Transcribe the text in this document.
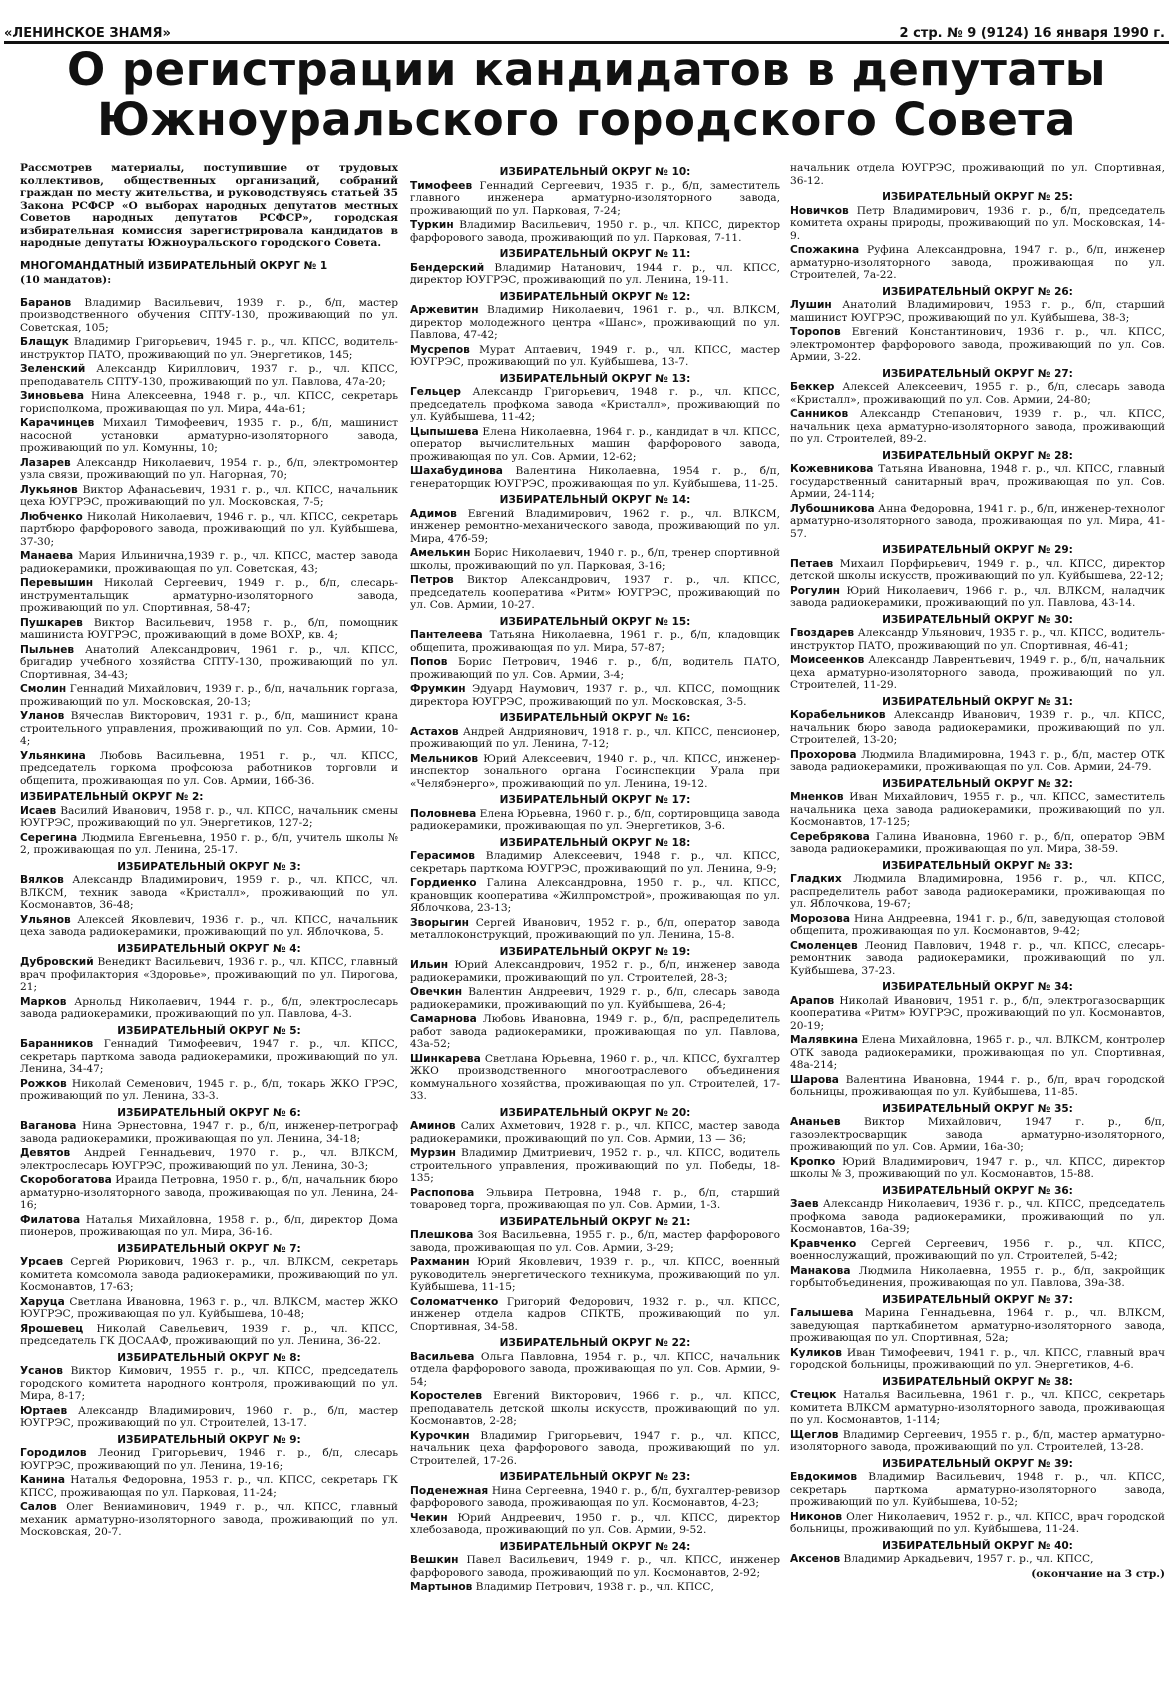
«ЛЕНИНСКОЕ ЗНАМЯ»	2 стр. № 9 (9124) 16 января 1990 г.
О регистрации кандидатов в депутаты
Южноуральского городского Совета

Рассмотрев материалы, поступившие от трудовых коллективов, общественных организаций, собраний граждан по месту жительства, и руководствуясь статьей 35 Закона РСФСР «О выборах народных депутатов местных Советов народных депутатов РСФСР», городская избирательная комиссия зарегистрировала кандидатов в народные депутаты Южноуральского городского Совета.

МНОГОМАНДАТНЫЙ ИЗБИРАТЕЛЬНЫЙ ОКРУГ № 1
(10 мандатов):

Баранов Владимир Васильевич, 1939 г. р., б/п, мастер производственного обучения СПТУ-130, проживающий по ул. Советская, 105;

Блащук Владимир Григорьевич, 1945 г. р., чл. КПСС, водитель-инструктор ПАТО, проживающий по ул. Энергетиков, 145;

Зеленский Александр Кириллович, 1937 г. р., чл. КПСС, преподаватель СПТУ-130, проживающий по ул. Павлова, 47а-20;

Зиновьева Нина Алексеевна, 1948 г. р., чл. КПСС, секретарь горисполкома, проживающая по ул. Мира, 44а-61;

Карачинцев Михаил Тимофеевич, 1935 г. р., б/п, машинист насосной установки арматурно-изоляторного завода, проживающий по ул. Комунны, 10;

Лазарев Александр Николаевич, 1954 г. р., б/п, электромонтер узла связи, проживающий по ул. Нагорная, 70;

Лукьянов Виктор Афанасьевич, 1931 г. р., чл. КПСС, начальник цеха ЮУГРЭС, проживающий по ул. Московская, 7-5;

Любченко Николай Николаевич, 1946 г. р., чл. КПСС, секретарь партбюро фарфорового завода, проживающий по ул. Куйбышева, 37-30;

Манаева Мария Ильинична,1939 г. р., чл. КПСС, мастер завода радиокерамики, проживающая по ул. Советская, 43;

Перевышин Николай Сергеевич, 1949 г. р., б/п, слесарь-инструментальщик арматурно-изоляторного завода, проживающий по ул. Спортивная, 58-47;

Пушкарев Виктор Васильевич, 1958 г. р., б/п, помощник машиниста ЮУГРЭС, проживающий в доме ВОХР, кв. 4;

Пыльнев Анатолий Александрович, 1961 г. р., чл. КПСС, бригадир учебного хозяйства СПТУ-130, проживающий по ул. Спортивная, 34-43;

Смолин Геннадий Михайлович, 1939 г. р., б/п, начальник горгаза, проживающий по ул. Московская, 20-13;

Уланов Вячеслав Викторович, 1931 г. р., б/п, машинист крана строительного управления, проживающий по ул. Сов. Армии, 10-4;

Ульянкина Любовь Васильевна, 1951 г. р., чл. КПСС, председатель горкома профсоюза работников торговли и общепита, проживающая по ул. Сов. Армии, 16б-36.

ИЗБИРАТЕЛЬНЫЙ ОКРУГ № 2:

Исаев Василий Иванович, 1958 г. р., чл. КПСС, начальник смены ЮУГРЭС, проживающий по ул. Энергетиков, 127-2;

Серегина Людмила Евгеньевна, 1950 г. р., б/п, учитель школы № 2, проживающая по ул. Ленина, 25-17.

ИЗБИРАТЕЛЬНЫЙ ОКРУГ № 3:

Вялков Александр Владимирович, 1959 г. р., чл. КПСС, чл. ВЛКСМ, техник завода «Кристалл», проживающий по ул. Космонавтов, 36-48;

Ульянов Алексей Яковлевич, 1936 г. р., чл. КПСС, начальник цеха завода радиокерамики, проживающий по ул. Яблочкова, 5.

ИЗБИРАТЕЛЬНЫЙ ОКРУГ № 4:

Дубровский Венедикт Васильевич, 1936 г. р., чл. КПСС, главный врач профилактория «Здоровье», проживающий по ул. Пирогова, 21;

Марков Арнольд Николаевич, 1944 г. р., б/п, электрослесарь завода радиокерамики, проживающий по ул. Павлова, 4-3.

ИЗБИРАТЕЛЬНЫЙ ОКРУГ № 5:

Баранников Геннадий Тимофеевич, 1947 г. р., чл. КПСС, секретарь парткома завода радиокерамики, проживающий по ул. Ленина, 34-47;

Рожков Николай Семенович, 1945 г. р., б/п, токарь ЖКО ГРЭС, проживающий по ул. Ленина, 33-3.

ИЗБИРАТЕЛЬНЫЙ ОКРУГ № 6:

Ваганова Нина Эрнестовна, 1947 г. р., б/п, инженер-петрограф завода радиокерамики, проживающая по ул. Ленина, 34-18;

Девятов Андрей Геннадьевич, 1970 г. р., чл. ВЛКСМ, электрослесарь ЮУГРЭС, проживающий по ул. Ленина, 30-3;

Скоробогатова Ираида Петровна, 1950 г. р., б/п, начальник бюро арматурно-изоляторного завода, проживающая по ул. Ленина, 24-16;

Филатова Наталья Михайловна, 1958 г. р., б/п, директор Дома пионеров, проживающая по ул. Мира, 36-16.

ИЗБИРАТЕЛЬНЫЙ ОКРУГ № 7:

Урсаев Сергей Рюрикович, 1963 г. р., чл. ВЛКСМ, секретарь комитета комсомола завода радиокерамики, проживающий по ул. Космонавтов, 17-63;

Харуца Светлана Ивановна, 1963 г. р., чл. ВЛКСМ, мастер ЖКО ЮУГРЭС, проживающая по ул. Куйбышева, 10-48;

Ярошевец Николай Савельевич, 1939 г. р., чл. КПСС, председатель ГК ДОСААФ, проживающий по ул. Ленина, 36-22.

ИЗБИРАТЕЛЬНЫЙ ОКРУГ № 8:

Усанов Виктор Кимович, 1955 г. р., чл. КПСС, председатель городского комитета народного контроля, проживающий по ул. Мира, 8-17;

Юртаев Александр Владимирович, 1960 г. р., б/п, мастер ЮУГРЭС, проживающий по ул. Строителей, 13-17.

ИЗБИРАТЕЛЬНЫЙ ОКРУГ № 9:

Городилов Леонид Григорьевич, 1946 г. р., б/п, слесарь ЮУГРЭС, проживающий по ул. Ленина, 19-16;

Канина Наталья Федоровна, 1953 г. р., чл. КПСС, секретарь ГК КПСС, проживающая по ул. Парковая, 11-24;

Салов Олег Вениаминович, 1949 г. р., чл. КПСС, главный механик арматурно-изоляторного завода, проживающий по ул. Московская, 20-7.

ИЗБИРАТЕЛЬНЫЙ ОКРУГ № 10:

Тимофеев Геннадий Сергеевич, 1935 г. р., б/п, заместитель главного инженера арматурно-изоляторного завода, проживающий по ул. Парковая, 7-24;

Туркин Владимир Васильевич, 1950 г. р., чл. КПСС, директор фарфорового завода, проживающий по ул. Парковая, 7-11.

ИЗБИРАТЕЛЬНЫЙ ОКРУГ № 11:

Бендерский Владимир Натанович, 1944 г. р., чл. КПСС, директор ЮУГРЭС, проживающий по ул. Ленина, 19-11.

ИЗБИРАТЕЛЬНЫЙ ОКРУГ № 12:

Аржевитин Владимир Николаевич, 1961 г. р., чл. ВЛКСМ, директор молодежного центра «Шанс», проживающий по ул. Павлова, 47-42;

Мусрепов Мурат Аптаевич, 1949 г. р., чл. КПСС, мастер ЮУГРЭС, проживающий по ул. Куйбышева, 13-7.

ИЗБИРАТЕЛЬНЫЙ ОКРУГ № 13:

Гельцер Александр Григорьевич, 1948 г. р., чл. КПСС, председатель профкома завода «Кристалл», проживающий по ул. Куйбышева, 11-42;

Цыпышева Елена Николаевна, 1964 г. р., кандидат в чл. КПСС, оператор вычислительных машин фарфорового завода, проживающая по ул. Сов. Армии, 12-62;

Шахабудинова Валентина Николаевна, 1954 г. р., б/п, генераторщик ЮУГРЭС, проживающая по ул. Куйбышева, 11-25.

ИЗБИРАТЕЛЬНЫЙ ОКРУГ № 14:

Адимов Евгений Владимирович, 1962 г. р., чл. ВЛКСМ, инженер ремонтно-механического завода, проживающий по ул. Мира, 47б-59;

Амелькин Борис Николаевич, 1940 г. р., б/п, тренер спортивной школы, проживающий по ул. Парковая, 3-16;

Петров Виктор Александрович, 1937 г. р., чл. КПСС, председатель кооператива «Ритм» ЮУГРЭС, проживающий по ул. Сов. Армии, 10-27.

ИЗБИРАТЕЛЬНЫЙ ОКРУГ № 15:

Пантелеева Татьяна Николаевна, 1961 г. р., б/п, кладовщик общепита, проживающая по ул. Мира, 57-87;

Попов Борис Петрович, 1946 г. р., б/п, водитель ПАТО, проживающий по ул. Сов. Армии, 3-4;

Фрумкин Эдуард Наумович, 1937 г. р., чл. КПСС, помощник директора ЮУГРЭС, проживающий по ул. Московская, 3-5.

ИЗБИРАТЕЛЬНЫЙ ОКРУГ № 16:

Астахов Андрей Андриянович, 1918 г. р., чл. КПСС, пенсионер, проживающий по ул. Ленина, 7-12;

Мельников Юрий Алексеевич, 1940 г. р., чл. КПСС, инженер-инспектор зонального органа Госинспекции Урала при «Челябэнерго», проживающий по ул. Ленина, 19-12.

ИЗБИРАТЕЛЬНЫЙ ОКРУГ № 17:

Половнева Елена Юрьевна, 1960 г. р., б/п, сортировщица завода радиокерамики, проживающая по ул. Энергетиков, 3-6.

ИЗБИРАТЕЛЬНЫЙ ОКРУГ № 18:

Герасимов Владимир Алексеевич, 1948 г. р., чл. КПСС, секретарь парткома ЮУГРЭС, проживающий по ул. Ленина, 9-9;

Гордиенко Галина Александровна, 1950 г. р., чл. КПСС, крановщик кооператива «Жилпромстрой», проживающая по ул. Яблочкова, 23-13;

Зворыгин Сергей Иванович, 1952 г. р., б/п, оператор завода металлоконструкций, проживающий по ул. Ленина, 15-8.

ИЗБИРАТЕЛЬНЫЙ ОКРУГ № 19:

Ильин Юрий Александрович, 1952 г. р., б/п, инженер завода радиокерамики, проживающий по ул. Строителей, 28-3;

Овечкин Валентин Андреевич, 1929 г. р., б/п, слесарь завода радиокерамики, проживающий по ул. Куйбышева, 26-4;

Самарнова Любовь Ивановна, 1949 г. р., б/п, распределитель работ завода радиокерамики, проживающая по ул. Павлова, 43а-52;

Шинкарева Светлана Юрьевна, 1960 г. р., чл. КПСС, бухгалтер ЖКО производственного многоотраслевого объединения коммунального хозяйства, проживающая по ул. Строителей, 17-33.

ИЗБИРАТЕЛЬНЫЙ ОКРУГ № 20:

Аминов Салих Ахметович, 1928 г. р., чл. КПСС, мастер завода радиокерамики, проживающий по ул. Сов. Армии, 13 — 36;

Мурзин Владимир Дмитриевич, 1952 г. р., чл. КПСС, водитель строительного управления, проживающий по ул. Победы, 18-135;

Распопова Эльвира Петровна, 1948 г. р., б/п, старший товаровед торга, проживающая по ул. Сов. Армии, 1-3.

ИЗБИРАТЕЛЬНЫЙ ОКРУГ № 21:

Плешкова Зоя Васильевна, 1955 г. р., б/п, мастер фарфорового завода, проживающая по ул. Сов. Армии, 3-29;

Рахманин Юрий Яковлевич, 1939 г. р., чл. КПСС, военный руководитель энергетического техникума, проживающий по ул. Куйбышева, 11-15;

Соломатченко Григорий Федорович, 1932 г. р., чл. КПСС, инженер отдела кадров СПКТБ, проживающий по ул. Спортивная, 34-58.

ИЗБИРАТЕЛЬНЫЙ ОКРУГ № 22:

Васильева Ольга Павловна, 1954 г. р., чл. КПСС, начальник отдела фарфорового завода, проживающая по ул. Сов. Армии, 9-54;

Коростелев Евгений Викторович, 1966 г. р., чл. КПСС, преподаватель детской школы искусств, проживающий по ул. Космонавтов, 2-28;

Курочкин Владимир Григорьевич, 1947 г. р., чл. КПСС, начальник цеха фарфорового завода, проживающий по ул. Строителей, 17-26.

ИЗБИРАТЕЛЬНЫЙ ОКРУГ № 23:

Поденежная Нина Сергеевна, 1940 г. р., б/п, бухгалтер-ревизор фарфорового завода, проживающая по ул. Космонавтов, 4-23;

Чекин Юрий Андреевич, 1950 г. р., чл. КПСС, директор хлебозавода, проживающий по ул. Сов. Армии, 9-52.

ИЗБИРАТЕЛЬНЫЙ ОКРУГ № 24:

Вешкин Павел Васильевич, 1949 г. р., чл. КПСС, инженер фарфорового завода, проживающий по ул. Космонавтов, 2-92;

Мартынов Владимир Петрович, 1938 г. р., чл. КПСС,

начальник отдела ЮУГРЭС, проживающий по ул. Спортивная, 36-12.

ИЗБИРАТЕЛЬНЫЙ ОКРУГ № 25:

Новичков Петр Владимирович, 1936 г. р., б/п, председатель комитета охраны природы, проживающий по ул. Московская, 14-9.

Спожакина Руфина Александровна, 1947 г. р., б/п, инженер арматурно-изоляторного завода, проживающая по ул. Строителей, 7а-22.

ИЗБИРАТЕЛЬНЫЙ ОКРУГ № 26:

Лушин Анатолий Владимирович, 1953 г. р., б/п, старший машинист ЮУГРЭС, проживающий по ул. Куйбышева, 38-3;

Торопов Евгений Константинович, 1936 г. р., чл. КПСС, электромонтер фарфорового завода, проживающий по ул. Сов. Армии, 3-22.

ИЗБИРАТЕЛЬНЫЙ ОКРУГ № 27:

Беккер Алексей Алексеевич, 1955 г. р., б/п, слесарь завода «Кристалл», проживающий по ул. Сов. Армии, 24-80;

Санников Александр Степанович, 1939 г. р., чл. КПСС, начальник цеха арматурно-изоляторного завода, проживающий по ул. Строителей, 89-2.

ИЗБИРАТЕЛЬНЫЙ ОКРУГ № 28:

Кожевникова Татьяна Ивановна, 1948 г. р., чл. КПСС, главный государственный санитарный врач, проживающая по ул. Сов. Армии, 24-114;

Лубошникова Анна Федоровна, 1941 г. р., б/п, инженер-технолог арматурно-изоляторного завода, проживающая по ул. Мира, 41-57.

ИЗБИРАТЕЛЬНЫЙ ОКРУГ № 29:

Петаев Михаил Порфирьевич, 1949 г. р., чл. КПСС, директор детской школы искусств, проживающий по ул. Куйбышева, 22-12;

Рогулин Юрий Николаевич, 1966 г. р., чл. ВЛКСМ, наладчик завода радиокерамики, проживающий по ул. Павлова, 43-14.

ИЗБИРАТЕЛЬНЫЙ ОКРУГ № 30:

Гвоздарев Александр Ульянович, 1935 г. р., чл. КПСС, водитель-инструктор ПАТО, проживающий по ул. Спортивная, 46-41;

Моисеенков Александр Лаврентьевич, 1949 г. р., б/п, начальник цеха арматурно-изоляторного завода, проживающий по ул. Строителей, 11-29.

ИЗБИРАТЕЛЬНЫЙ ОКРУГ № 31:

Корабельников Александр Иванович, 1939 г. р., чл. КПСС, начальник бюро завода радиокерамики, проживающий по ул. Строителей, 13-20;

Прохорова Людмила Владимировна, 1943 г. р., б/п, мастер ОТК завода радиокерамики, проживающая по ул. Сов. Армии, 24-79.

ИЗБИРАТЕЛЬНЫЙ ОКРУГ № 32:

Мненков Иван Михайлович, 1955 г. р., чл. КПСС, заместитель начальника цеха завода радиокерамики, проживающий по ул. Космонавтов, 17-125;

Серебрякова Галина Ивановна, 1960 г. р., б/п, оператор ЭВМ завода радиокерамики, проживающая по ул. Мира, 38-59.

ИЗБИРАТЕЛЬНЫЙ ОКРУГ № 33:

Гладких Людмила Владимировна, 1956 г. р., чл. КПСС, распределитель работ завода радиокерамики, проживающая по ул. Яблочкова, 19-67;

Морозова Нина Андреевна, 1941 г. р., б/п, заведующая столовой общепита, проживающая по ул. Космонавтов, 9-42;

Смоленцев Леонид Павлович, 1948 г. р., чл. КПСС, слесарь-ремонтник завода радиокерамики, проживающий по ул. Куйбышева, 37-23.

ИЗБИРАТЕЛЬНЫЙ ОКРУГ № 34:

Арапов Николай Иванович, 1951 г. р., б/п, электрогазосварщик кооператива «Ритм» ЮУГРЭС, проживающий по ул. Космонавтов, 20-19;

Малявкина Елена Михайловна, 1965 г. р., чл. ВЛКСМ, контролер ОТК завода радиокерамики, проживающая по ул. Спортивная, 48а-214;

Шарова Валентина Ивановна, 1944 г. р., б/п, врач городской больницы, проживающая по ул. Куйбышева, 11-85.

ИЗБИРАТЕЛЬНЫЙ ОКРУГ № 35:

Ананьев Виктор Михайлович, 1947 г. р., б/п, газоэлектросварщик завода арматурно-изоляторного, проживающий по ул. Сов. Армии, 16а-30;

Кропко Юрий Владимирович, 1947 г. р., чл. КПСС, директор школы № 3, проживающий по ул. Космонавтов, 15-88.

ИЗБИРАТЕЛЬНЫЙ ОКРУГ № 36:

Заев Александр Николаевич, 1936 г. р., чл. КПСС, председатель профкома завода радиокерамики, проживающий по ул. Космонавтов, 16а-39;

Кравченко Сергей Сергеевич, 1956 г. р., чл. КПСС, военнослужащий, проживающий по ул. Строителей, 5-42;

Манакова Людмила Николаевна, 1955 г. р., б/п, закройщик горбытобъединения, проживающая по ул. Павлова, 39а-38.

ИЗБИРАТЕЛЬНЫЙ ОКРУГ № 37:

Галышева Марина Геннадьевна, 1964 г. р., чл. ВЛКСМ, заведующая парткабинетом арматурно-изоляторного завода, проживающая по ул. Спортивная, 52а;

Куликов Иван Тимофеевич, 1941 г. р., чл. КПСС, главный врач городской больницы, проживающий по ул. Энергетиков, 4-6.

ИЗБИРАТЕЛЬНЫЙ ОКРУГ № 38:

Стецюк Наталья Васильевна, 1961 г. р., чл. КПСС, секретарь комитета ВЛКСМ арматурно-изоляторного завода, проживающая по ул. Космонавтов, 1-114;

Щеглов Владимир Сергеевич, 1955 г. р., б/п, мастер арматурно-изоляторного завода, проживающий по ул. Строителей, 13-28.

ИЗБИРАТЕЛЬНЫЙ ОКРУГ № 39:

Евдокимов Владимир Васильевич, 1948 г. р., чл. КПСС, секретарь парткома арматурно-изоляторного завода, проживающий по ул. Куйбышева, 10-52;

Никонов Олег Николаевич, 1952 г. р., чл. КПСС, врач городской больницы, проживающий по ул. Куйбышева, 11-24.

ИЗБИРАТЕЛЬНЫЙ ОКРУГ № 40:

Аксенов Владимир Аркадьевич, 1957 г. р., чл. КПСС,

(окончание на 3 стр.)
